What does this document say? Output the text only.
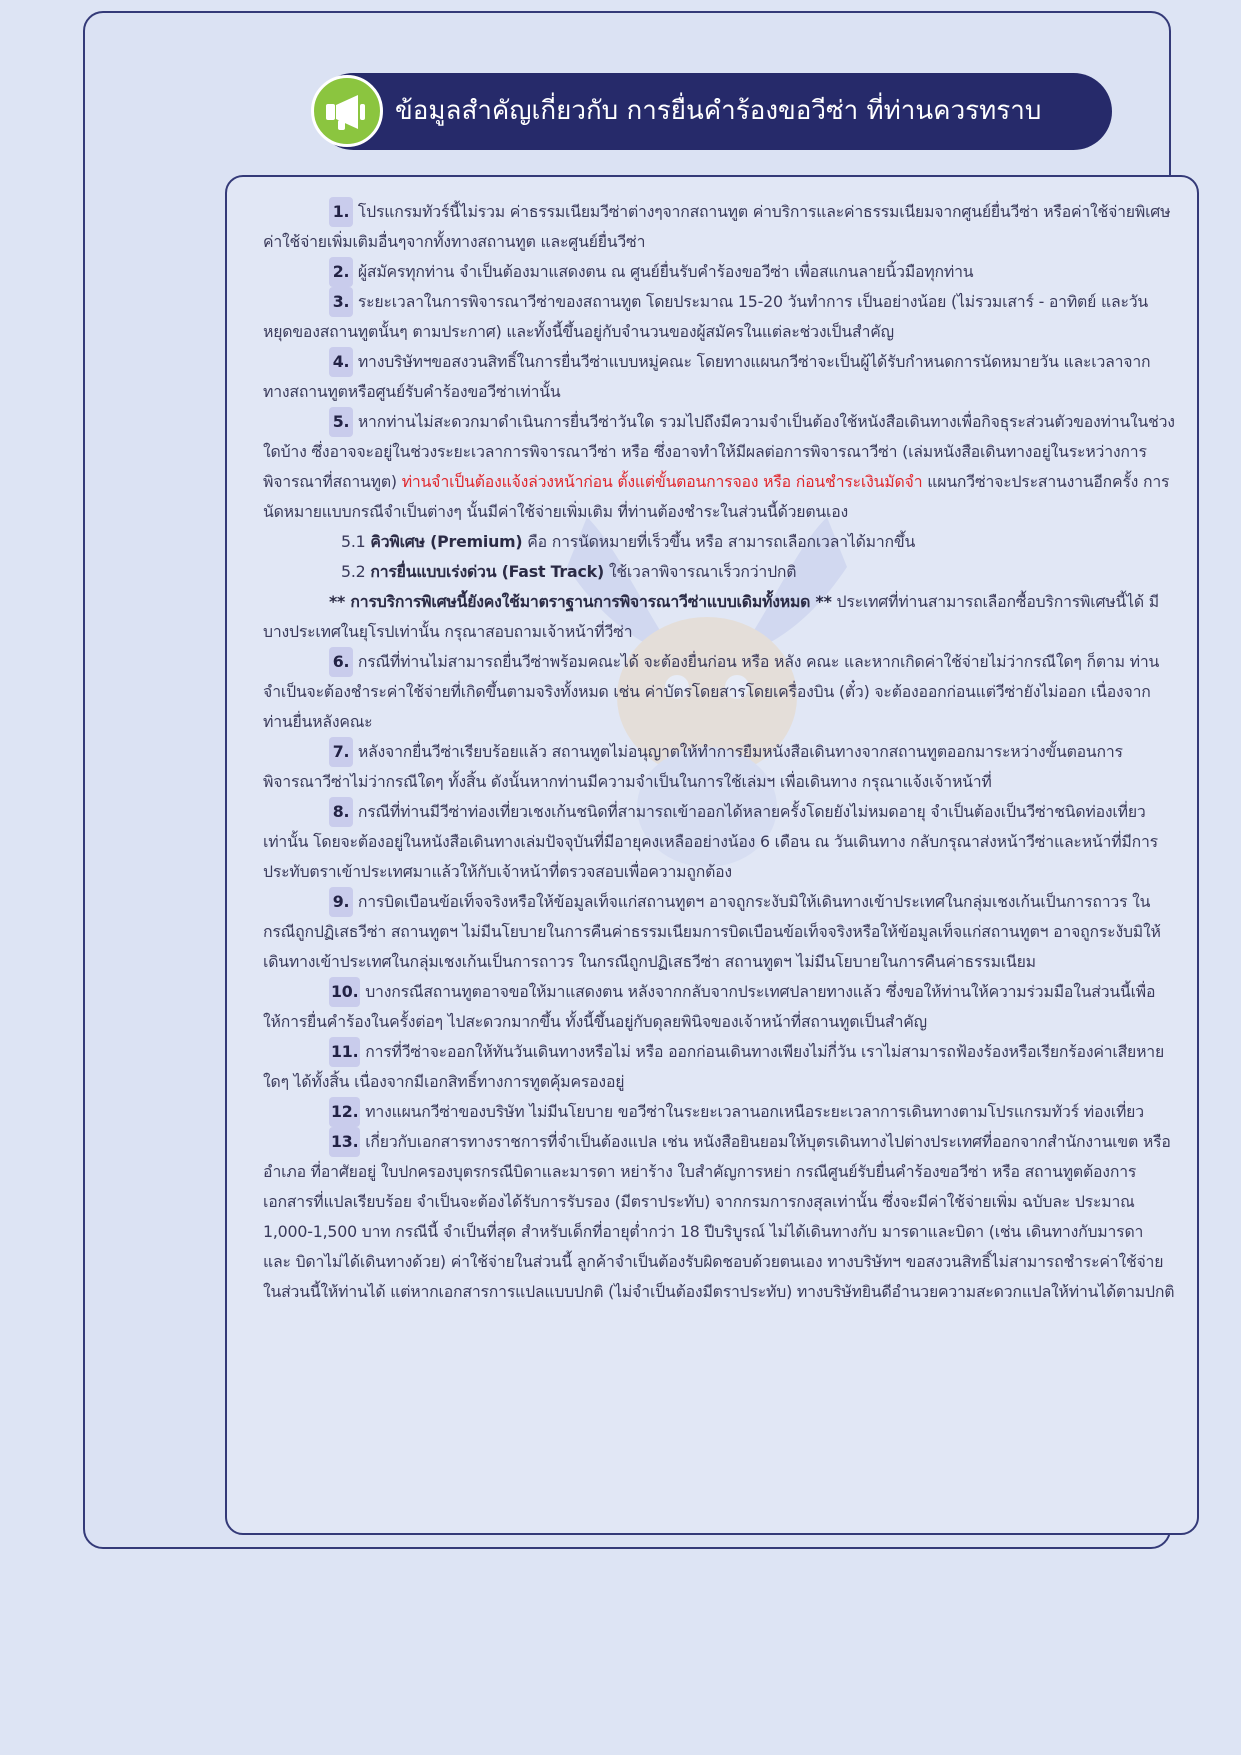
ข้อมูลสำคัญเกี่ยวกับ การยื่นคำร้องขอวีซ่า ที่ท่านควรทราบ

1. โปรแกรมทัวร์นี้ไม่รวม ค่าธรรมเนียมวีซ่าต่างๆจากสถานทูต ค่าบริการและค่าธรรมเนียมจากศูนย์ยื่นวีซ่า หรือค่าใช้จ่ายพิเศษค่าใช้จ่ายเพิ่มเติมอื่นๆจากทั้งทางสถานทูต และศูนย์ยื่นวีซ่า

2. ผู้สมัครทุกท่าน จำเป็นต้องมาแสดงตน ณ ศูนย์ยื่นรับคำร้องขอวีซ่า เพื่อสแกนลายนิ้วมือทุกท่าน

3. ระยะเวลาในการพิจารณาวีซ่าของสถานทูต โดยประมาณ 15-20 วันทำการ เป็นอย่างน้อย (ไม่รวมเสาร์ - อาทิตย์ และวันหยุดของสถานทูตนั้นๆ ตามประกาศ) และทั้งนี้ขึ้นอยู่กับจำนวนของผู้สมัครในแต่ละช่วงเป็นสำคัญ

4. ทางบริษัทฯขอสงวนสิทธิ์ในการยื่นวีซ่าแบบหมู่คณะ โดยทางแผนกวีซ่าจะเป็นผู้ได้รับกำหนดการนัดหมายวัน และเวลาจากทางสถานทูตหรือศูนย์รับคำร้องขอวีซ่าเท่านั้น

5. หากท่านไม่สะดวกมาดำเนินการยื่นวีซ่าวันใด รวมไปถึงมีความจำเป็นต้องใช้หนังสือเดินทางเพื่อกิจธุระส่วนตัวของท่านในช่วงใดบ้าง ซึ่งอาจจะอยู่ในช่วงระยะเวลาการพิจารณาวีซ่า หรือ ซึ่งอาจทำให้มีผลต่อการพิจารณาวีซ่า (เล่มหนังสือเดินทางอยู่ในระหว่างการพิจารณาที่สถานทูต) ท่านจำเป็นต้องแจ้งล่วงหน้าก่อน ตั้งแต่ขั้นตอนการจอง หรือ ก่อนชำระเงินมัดจำ แผนกวีซ่าจะประสานงานอีกครั้ง การนัดหมายแบบกรณีจำเป็นต่างๆ นั้นมีค่าใช้จ่ายเพิ่มเติม ที่ท่านต้องชำระในส่วนนี้ด้วยตนเอง

5.1 คิวพิเศษ (Premium) คือ การนัดหมายที่เร็วขึ้น หรือ สามารถเลือกเวลาได้มากขึ้น

5.2 การยื่นแบบเร่งด่วน (Fast Track) ใช้เวลาพิจารณาเร็วกว่าปกติ

** การบริการพิเศษนี้ยังคงใช้มาตราฐานการพิจารณาวีซ่าแบบเดิมทั้งหมด ** ประเทศที่ท่านสามารถเลือกซื้อบริการพิเศษนี้ได้ มีบางประเทศในยุโรปเท่านั้น กรุณาสอบถามเจ้าหน้าที่วีซ่า

6. กรณีที่ท่านไม่สามารถยื่นวีซ่าพร้อมคณะได้ จะต้องยื่นก่อน หรือ หลัง คณะ และหากเกิดค่าใช้จ่ายไม่ว่ากรณีใดๆ ก็ตาม ท่านจำเป็นจะต้องชำระค่าใช้จ่ายที่เกิดขึ้นตามจริงทั้งหมด เช่น ค่าบัตรโดยสารโดยเครื่องบิน (ตั๋ว) จะต้องออกก่อนแต่วีซ่ายังไม่ออก เนื่องจากท่านยื่นหลังคณะ

7. หลังจากยื่นวีซ่าเรียบร้อยแล้ว สถานทูตไม่อนุญาตให้ทำการยืมหนังสือเดินทางจากสถานทูตออกมาระหว่างขั้นตอนการพิจารณาวีซ่าไม่ว่ากรณีใดๆ ทั้งสิ้น ดังนั้นหากท่านมีความจำเป็นในการใช้เล่มฯ เพื่อเดินทาง กรุณาแจ้งเจ้าหน้าที่

8. กรณีที่ท่านมีวีซ่าท่องเที่ยวเชงเก้นชนิดที่สามารถเข้าออกได้หลายครั้งโดยยังไม่หมดอายุ จำเป็นต้องเป็นวีซ่าชนิดท่องเที่ยวเท่านั้น โดยจะต้องอยู่ในหนังสือเดินทางเล่มปัจจุบันที่มีอายุคงเหลืออย่างน้อง 6 เดือน ณ วันเดินทาง กลับกรุณาส่งหน้าวีซ่าและหน้าที่มีการประทับตราเข้าประเทศมาแล้วให้กับเจ้าหน้าที่ตรวจสอบเพื่อความถูกต้อง

9. การบิดเบือนข้อเท็จจริงหรือให้ข้อมูลเท็จแก่สถานทูตฯ อาจถูกระงับมิให้เดินทางเข้าประเทศในกลุ่มเชงเก้นเป็นการถาวร ในกรณีถูกปฏิเสธวีซ่า สถานทูตฯ ไม่มีนโยบายในการคืนค่าธรรมเนียมการบิดเบือนข้อเท็จจริงหรือให้ข้อมูลเท็จแก่สถานทูตฯ อาจถูกระงับมิให้เดินทางเข้าประเทศในกลุ่มเชงเก้นเป็นการถาวร ในกรณีถูกปฏิเสธวีซ่า สถานทูตฯ ไม่มีนโยบายในการคืนค่าธรรมเนียม

10. บางกรณีสถานทูตอาจขอให้มาแสดงตน หลังจากกลับจากประเทศปลายทางแล้ว ซึ่งขอให้ท่านให้ความร่วมมือในส่วนนี้เพื่อให้การยื่นคำร้องในครั้งต่อๆ ไปสะดวกมากขึ้น ทั้งนี้ขึ้นอยู่กับดุลยพินิจของเจ้าหน้าที่สถานทูตเป็นสำคัญ

11. การที่วีซ่าจะออกให้ทันวันเดินทางหรือไม่ หรือ ออกก่อนเดินทางเพียงไม่กี่วัน เราไม่สามารถฟ้องร้องหรือเรียกร้องค่าเสียหายใดๆ ได้ทั้งสิ้น เนื่องจากมีเอกสิทธิ์ทางการทูตคุ้มครองอยู่

12. ทางแผนกวีซ่าของบริษัท ไม่มีนโยบาย ขอวีซ่าในระยะเวลานอกเหนือระยะเวลาการเดินทางตามโปรแกรมทัวร์ ท่องเที่ยว

13. เกี่ยวกับเอกสารทางราชการที่จำเป็นต้องแปล เช่น หนังสือยินยอมให้บุตรเดินทางไปต่างประเทศที่ออกจากสำนักงานเขต หรือ อำเภอ ที่อาศัยอยู่ ใบปกครองบุตรกรณีบิดาและมารดา หย่าร้าง ใบสำคัญการหย่า กรณีศูนย์รับยื่นคำร้องขอวีซ่า หรือ สถานทูตต้องการ เอกสารที่แปลเรียบร้อย จำเป็นจะต้องได้รับการรับรอง (มีตราประทับ) จากกรมการกงสุลเท่านั้น ซึ่งจะมีค่าใช้จ่ายเพิ่ม ฉบับละ ประมาณ 1,000-1,500 บาท กรณีนี้ จำเป็นที่สุด สำหรับเด็กที่อายุต่ำกว่า 18 ปีบริบูรณ์ ไม่ได้เดินทางกับ มารดาและบิดา (เช่น เดินทางกับมารดา และ บิดาไม่ได้เดินทางด้วย) ค่าใช้จ่ายในส่วนนี้ ลูกค้าจำเป็นต้องรับผิดชอบด้วยตนเอง ทางบริษัทฯ ขอสงวนสิทธิ์ไม่สามารถชำระค่าใช้จ่ายในส่วนนี้ให้ท่านได้ แต่หากเอกสารการแปลแบบปกติ (ไม่จำเป็นต้องมีตราประทับ) ทางบริษัทยินดีอำนวยความสะดวกแปลให้ท่านได้ตามปกติ
